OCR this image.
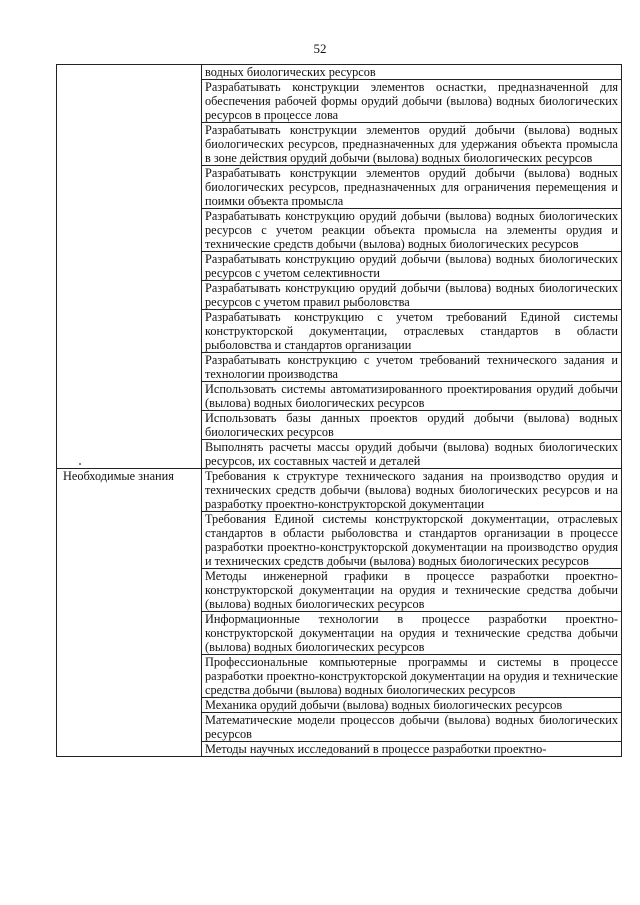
52

	водных биологических ресурсов

	Разрабатывать конструкции элементов оснастки, предназначенной для обеспечения рабочей формы орудий добычи (вылова) водных биологических ресурсов в процессе лова

	Разрабатывать конструкции элементов орудий добычи (вылова) водных биологических ресурсов, предназначенных для удержания объекта промысла в зоне действия орудий добычи (вылова) водных биологических ресурсов

	Разрабатывать конструкции элементов орудий добычи (вылова) водных биологических ресурсов, предназначенных для ограничения перемещения и поимки объекта промысла

	Разрабатывать конструкцию орудий добычи (вылова) водных биологических ресурсов с учетом реакции объекта промысла на элементы орудия и технические средств добычи (вылова) водных биологических ресурсов

	Разрабатывать конструкцию орудий добычи (вылова) водных биологических ресурсов с учетом селективности

	Разрабатывать конструкцию орудий добычи (вылова) водных биологических ресурсов с учетом правил рыболовства

	Разрабатывать конструкцию с учетом требований Единой системы конструкторской документации, отраслевых стандартов в области рыболовства и стандартов организации

	Разрабатывать конструкцию с учетом требований технического задания и технологии производства

	Использовать системы автоматизированного проектирования орудий добычи (вылова) водных биологических ресурсов

	Использовать базы данных проектов орудий добычи (вылова) водных биологических ресурсов

	Выполнять расчеты массы орудий добычи (вылова) водных биологических ресурсов, их составных частей и деталей

Необходимые знания	Требования к структуре технического задания на производство орудия и технических средств добычи (вылова) водных биологических ресурсов и на разработку проектно-конструкторской документации

	Требования Единой системы конструкторской документации, отраслевых стандартов в области рыболовства и стандартов организации в процессе разработки проектно-конструкторской документации на производство орудия и технических средств добычи (вылова) водных биологических ресурсов

	Методы инженерной графики в процессе разработки проектно-конструкторской документации на орудия и технические средства добычи (вылова) водных биологических ресурсов

	Информационные технологии в процессе разработки проектно-конструкторской документации на орудия и технические средства добычи (вылова) водных биологических ресурсов

	Профессиональные компьютерные программы и системы в процессе разработки проектно-конструкторской документации на орудия и технические средства добычи (вылова) водных биологических ресурсов

	Механика орудий добычи (вылова) водных биологических ресурсов

	Математические модели процессов добычи (вылова) водных биологических ресурсов

	Методы научных исследований в процессе разработки проектно-
